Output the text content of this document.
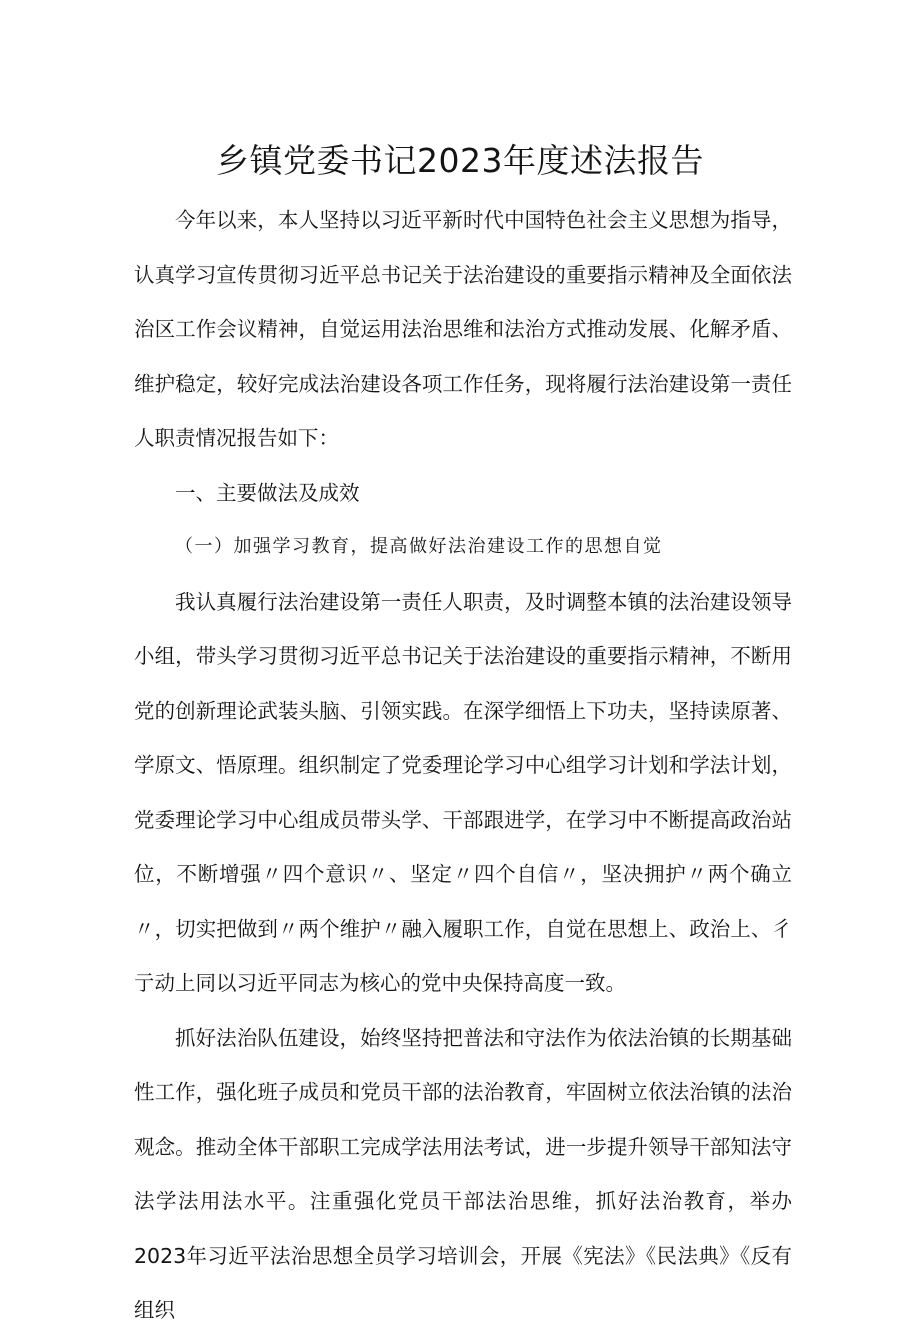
乡镇党委书记2023年度述法报告

今年以来，本人坚持以习近平新时代中国特色社会主义思想为指导，认真学习宣传贯彻习近平总书记关于法治建设的重要指示精神及全面依法治区工作会议精神，自觉运用法治思维和法治方式推动发展、化解矛盾、维护稳定，较好完成法治建设各项工作任务，现将履行法治建设第一责任人职责情况报告如下：

一、主要做法及成效

（一）加强学习教育，提高做好法治建设工作的思想自觉

我认真履行法治建设第一责任人职责，及时调整本镇的法治建设领导小组，带头学习贯彻习近平总书记关于法治建设的重要指示精神，不断用党的创新理论武装头脑、引领实践。在深学细悟上下功夫，坚持读原著、学原文、悟原理。组织制定了党委理论学习中心组学习计划和学法计划，党委理论学习中心组成员带头学、干部跟进学，在学习中不断提高政治站位，不断增强〃四个意识〃、坚定〃四个自信〃，坚决拥护〃两个确立〃，切实把做到〃两个维护〃融入履职工作，自觉在思想上、政治上、彳亍动上同以习近平同志为核心的党中央保持高度一致。

抓好法治队伍建设，始终坚持把普法和守法作为依法治镇的长期基础性工作，强化班子成员和党员干部的法治教育，牢固树立依法治镇的法治观念。推动全体干部职工完成学法用法考试，进一步提升领导干部知法守法学法用法水平。注重强化党员干部法治思维，抓好法治教育，举办2023年习近平法治思想全员学习培训会，开展《宪法》《民法典》《反有组织
